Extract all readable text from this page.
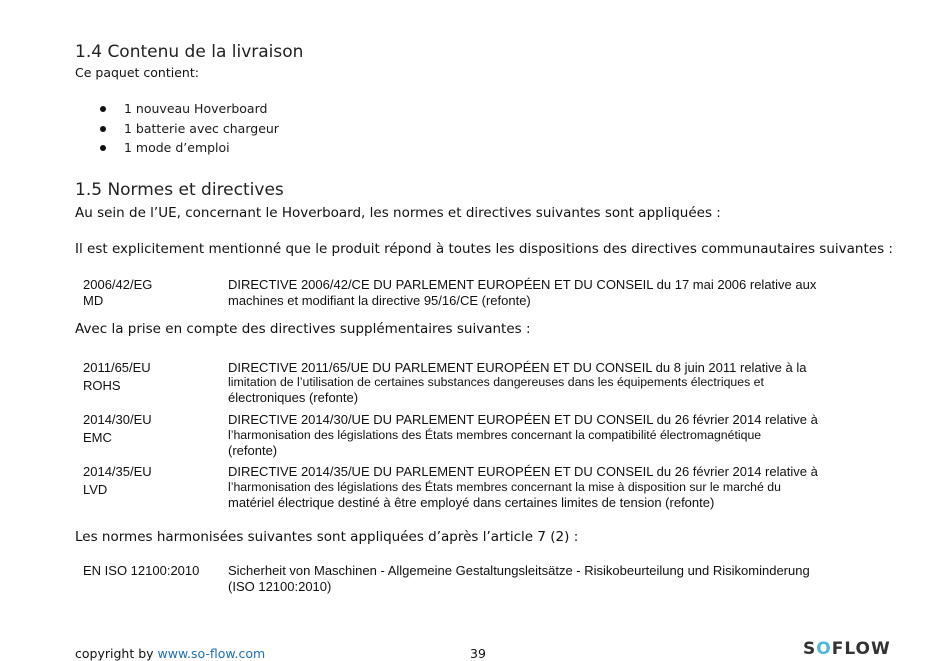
1.4 Contenu de la livraison
Ce paquet contient:
1 nouveau Hoverboard
1 batterie avec chargeur
1 mode d’emploi
1.5 Normes et directives
Au sein de l’UE, concernant le Hoverboard, les normes et directives suivantes sont appliquées :
Il est explicitement mentionné que le produit répond à toutes les dispositions des directives communautaires suivantes :
2006/42/EG
MD
DIRECTIVE 2006/42/CE DU PARLEMENT EUROPÉEN ET DU CONSEIL du 17 mai 2006 relative aux
machines et modifiant la directive 95/16/CE (refonte)
Avec la prise en compte des directives supplémentaires suivantes :
2011/65/EU
ROHS
DIRECTIVE 2011/65/UE DU PARLEMENT EUROPÉEN ET DU CONSEIL du 8 juin 2011 relative à la
limitation de l’utilisation de certaines substances dangereuses dans les équipements électriques et
électroniques (refonte)
2014/30/EU
EMC
DIRECTIVE 2014/30/UE DU PARLEMENT EUROPÉEN ET DU CONSEIL du 26 février 2014 relative à
l’harmonisation des législations des États membres concernant la compatibilité électromagnétique
(refonte)
2014/35/EU
LVD
DIRECTIVE 2014/35/UE DU PARLEMENT EUROPÉEN ET DU CONSEIL du 26 février 2014 relative à
l’harmonisation des législations des États membres concernant la mise à disposition sur le marché du
matériel électrique destiné à être employé dans certaines limites de tension (refonte)
Les normes harmonisées suivantes sont appliquées d’après l’article 7 (2) :
EN ISO 12100:2010 Sicherheit von Maschinen - Allgemeine Gestaltungsleitsätze - Risikobeurteilung und Risikominderung
(ISO 12100:2010)
copyright by www.so-flow.com	39	SOFLOW
